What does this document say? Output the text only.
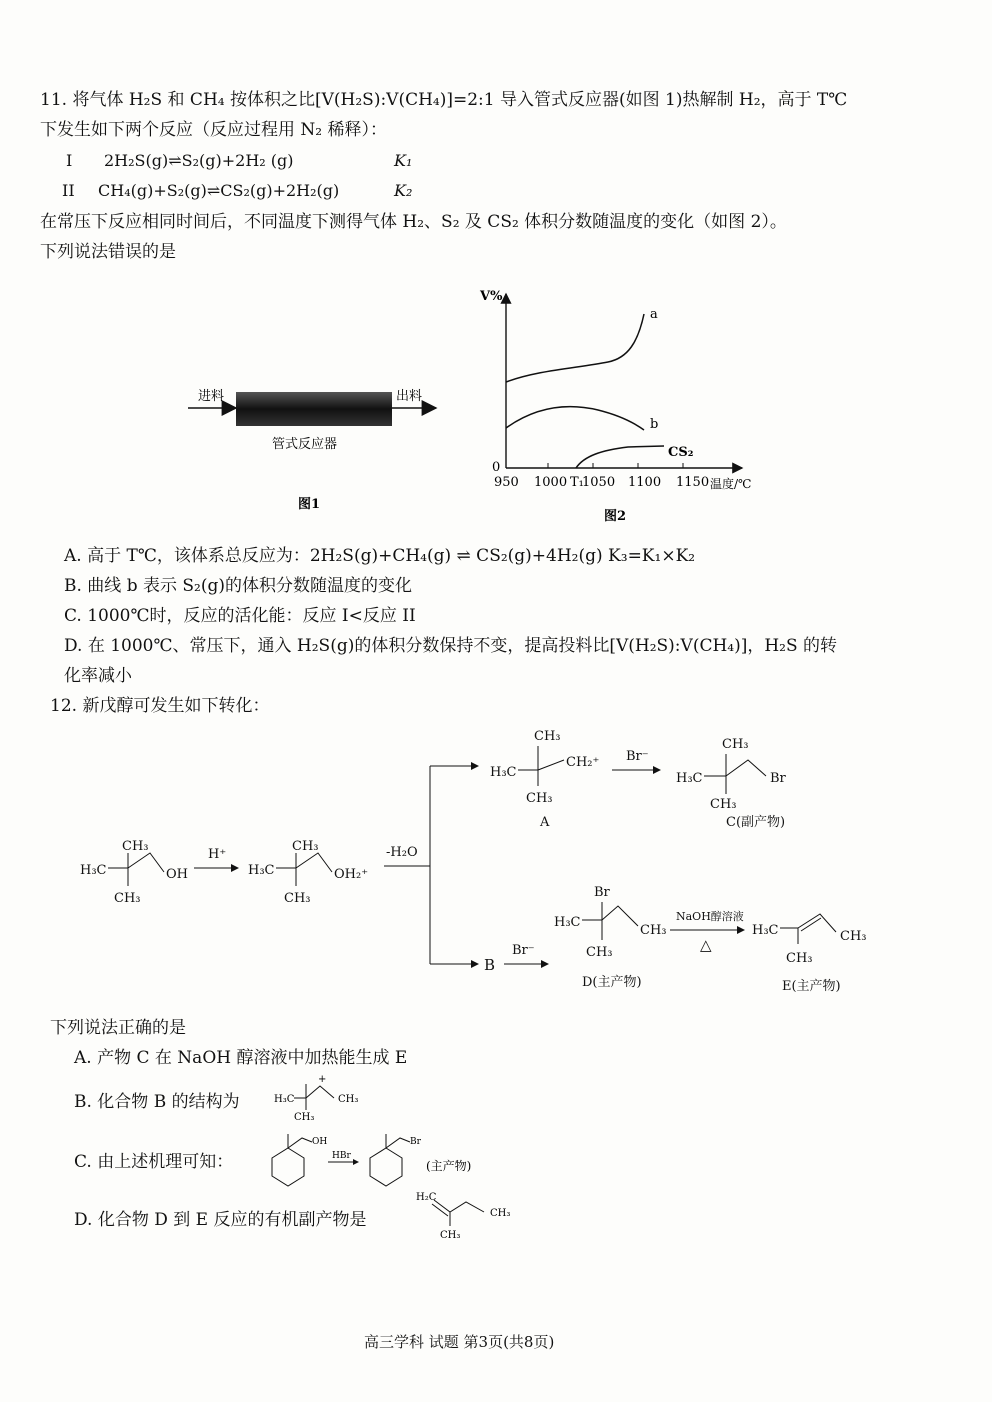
11. 将气体 H₂S 和 CH₄ 按体积之比[V(H₂S):V(CH₄)]=2:1 导入管式反应器(如图 1)热解制 H₂，高于 T℃
下发生如下两个反应（反应过程用 N₂ 稀释）：
I 2H₂S(g)⇌S₂(g)+2H₂ (g)	K₁
II CH₄(g)+S₂(g)⇌CS₂(g)+2H₂(g)	K₂
在常压下反应相同时间后，不同温度下测得气体 H₂、S₂ 及 CS₂ 体积分数随温度的变化（如图 2）。
下列说法错误的是
进料	出料
管式反应器
图1
V%
0
950 1000 T₁
1050 1100 1150 温度/℃
a
b
CS₂
图2
A. 高于 T℃，该体系总反应为：2H₂S(g)+CH₄(g) ⇌ CS₂(g)+4H₂(g) K₃=K₁×K₂
B. 曲线 b 表示 S₂(g)的体积分数随温度的变化
C. 1000℃时，反应的活化能：反应 I<反应 II
D. 在 1000℃、常压下，通入 H₂S(g)的体积分数保持不变，提高投料比[V(H₂S):V(CH₄)]，H₂S 的转
化率减小
12. 新戊醇可发生如下转化：
CH₃
H₃C	OH
CH₃
H⁺
CH₃
H₃C	OH₂⁺
CH₃
-H₂O
CH₃
H₃C
CH₂⁺
CH₃
A
Br⁻
CH₃
H₃C	Br
CH₃
C(副产物)
B
Br⁻
Br
H₃C
CH₃
CH₃
D(主产物)
NaOH醇溶液
△
H₃C	CH₃
CH₃
E(主产物)
下列说法正确的是
A. 产物 C 在 NaOH 醇溶液中加热能生成 E
B. 化合物 B 的结构为	H₃C	CH₃
CH₃
+
C. 由上述机理可知：
OH
HBr
Br
(主产物)
D. 化合物 D 到 E 反应的有机副产物是
H₂C
CH₃
CH₃
高三学科 试题 第3页(共8页)
